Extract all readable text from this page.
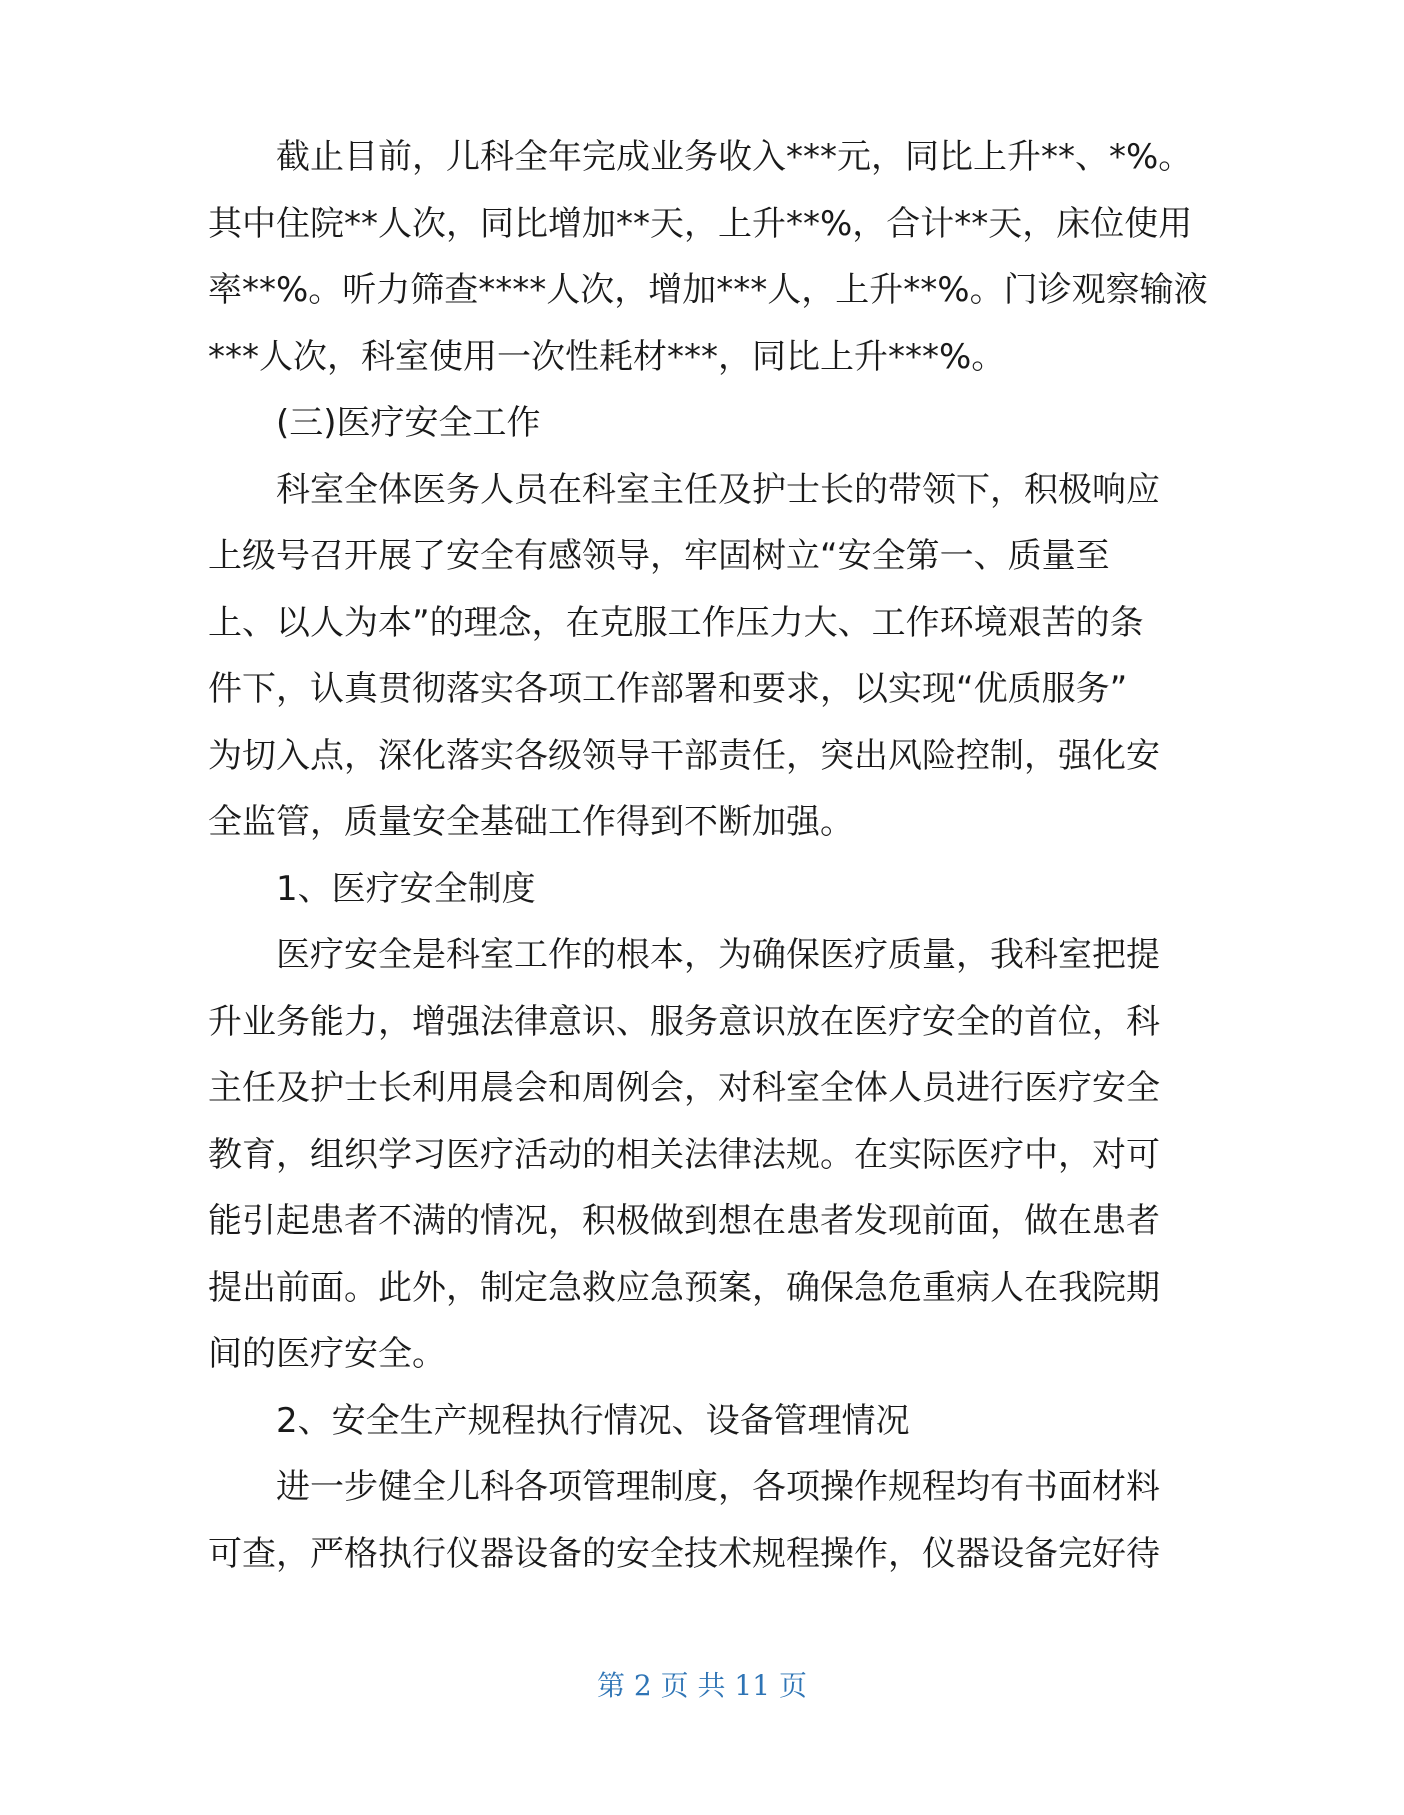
截止目前，儿科全年完成业务收入***元，同比上升**、*%。
其中住院**人次，同比增加**天，上升**%，合计**天，床位使用
率**%。听力筛查****人次，增加***人，上升**%。门诊观察输液
***人次，科室使用一次性耗材***，同比上升***%。
(三)医疗安全工作
科室全体医务人员在科室主任及护士长的带领下，积极响应
上级号召开展了安全有感领导，牢固树立“安全第一、质量至
上、以人为本”的理念，在克服工作压力大、工作环境艰苦的条
件下，认真贯彻落实各项工作部署和要求，以实现“优质服务”
为切入点，深化落实各级领导干部责任，突出风险控制，强化安
全监管，质量安全基础工作得到不断加强。
1、医疗安全制度
医疗安全是科室工作的根本，为确保医疗质量，我科室把提
升业务能力，增强法律意识、服务意识放在医疗安全的首位，科
主任及护士长利用晨会和周例会，对科室全体人员进行医疗安全
教育，组织学习医疗活动的相关法律法规。在实际医疗中，对可
能引起患者不满的情况，积极做到想在患者发现前面，做在患者
提出前面。此外，制定急救应急预案，确保急危重病人在我院期
间的医疗安全。
2、安全生产规程执行情况、设备管理情况
进一步健全儿科各项管理制度，各项操作规程均有书面材料
可查，严格执行仪器设备的安全技术规程操作，仪器设备完好待
第 2 页 共 11 页
